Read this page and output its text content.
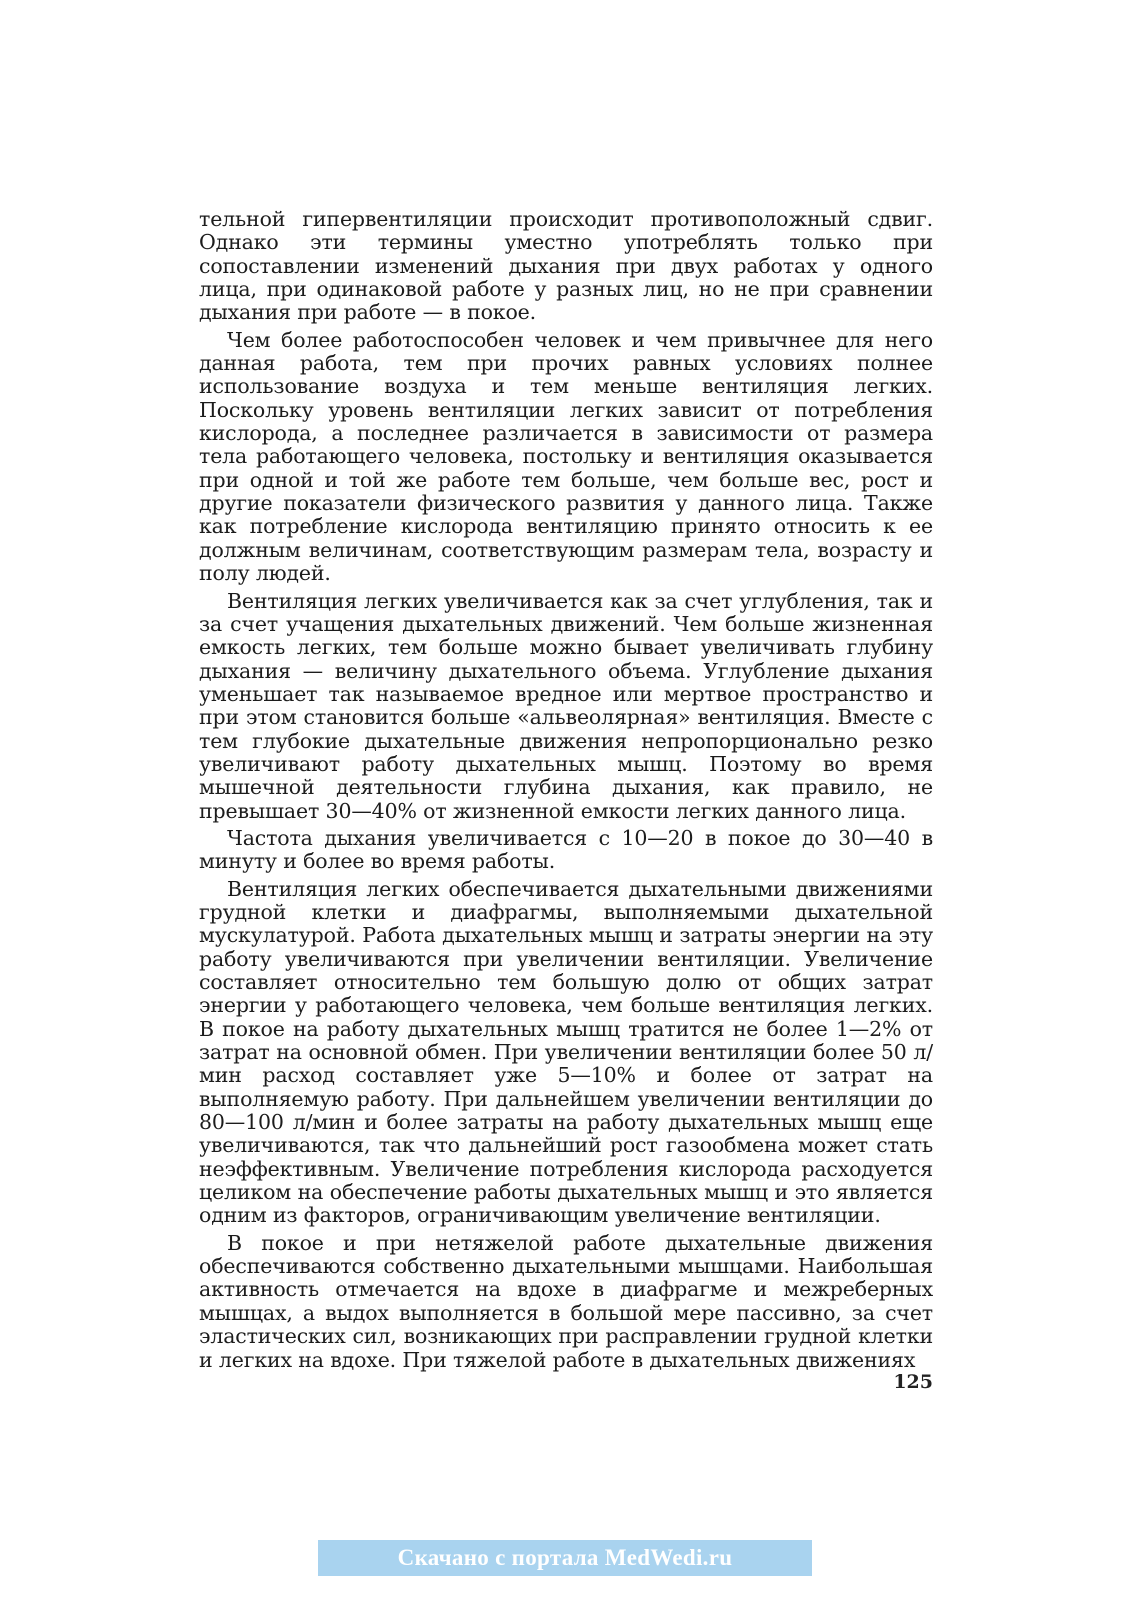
тельной гипервентиляции происходит противоположный сдвиг. Однако эти термины уместно употреблять только при сопоставлении изменений дыхания при двух работах у одного лица, при одинаковой работе у разных лиц, но не при сравнении дыхания при работе — в покое.

Чем более работоспособен человек и чем привычнее для него данная работа, тем при прочих равных условиях полнее использование воздуха и тем меньше вентиляция легких. Поскольку уровень вентиляции легких зависит от потребления кислорода, а последнее различается в зависимости от размера тела работающего человека, постольку и вентиляция оказывается при одной и той же работе тем больше, чем больше вес, рост и другие показатели физического развития у данного лица. Также как потребление кислорода вентиляцию принято относить к ее должным величинам, соответствующим размерам тела, возрасту и полу людей.

Вентиляция легких увеличивается как за счет углубления, так и за счет учащения дыхательных движений. Чем больше жизненная емкость легких, тем больше можно бывает увеличивать глубину дыхания — величину дыхательного объема. Углубление дыхания уменьшает так называемое вредное или мертвое пространство и при этом становится больше «альвеолярная» вентиляция. Вместе с тем глубокие дыхательные движения непропорционально резко увеличивают работу дыхательных мышц. Поэтому во время мышечной деятельности глубина дыхания, как правило, не превышает 30—40% от жизненной емкости легких данного лица.

Частота дыхания увеличивается с 10—20 в покое до 30—40 в минуту и более во время работы.

Вентиляция легких обеспечивается дыхательными движениями грудной клетки и диафрагмы, выполняемыми дыхательной мускулатурой. Работа дыхательных мышц и затраты энергии на эту работу увеличиваются при увеличении вентиляции. Увеличение составляет относительно тем большую долю от общих затрат энергии у работающего человека, чем больше вентиляция легких. В покое на работу дыхательных мышц тратится не более 1—2% от затрат на основной обмен. При увеличении вентиляции более 50 л/мин расход составляет уже 5—10% и более от затрат на выполняемую работу. При дальнейшем увеличении вентиляции до 80—100 л/мин и более затраты на работу дыхательных мышц еще увеличиваются, так что дальнейший рост газообмена может стать неэффективным. Увеличение потребления кислорода расходуется целиком на обеспечение работы дыхательных мышц и это является одним из факторов, ограничивающим увеличение вентиляции.

В покое и при нетяжелой работе дыхательные движения обеспечиваются собственно дыхательными мышцами. Наибольшая активность отмечается на вдохе в диафрагме и межреберных мышцах, а выдох выполняется в большой мере пассивно, за счет эластических сил, возникающих при расправлении грудной клетки и легких на вдохе. При тяжелой работе в дыхательных движениях

125
Скачано с портала MedWedi.ru
